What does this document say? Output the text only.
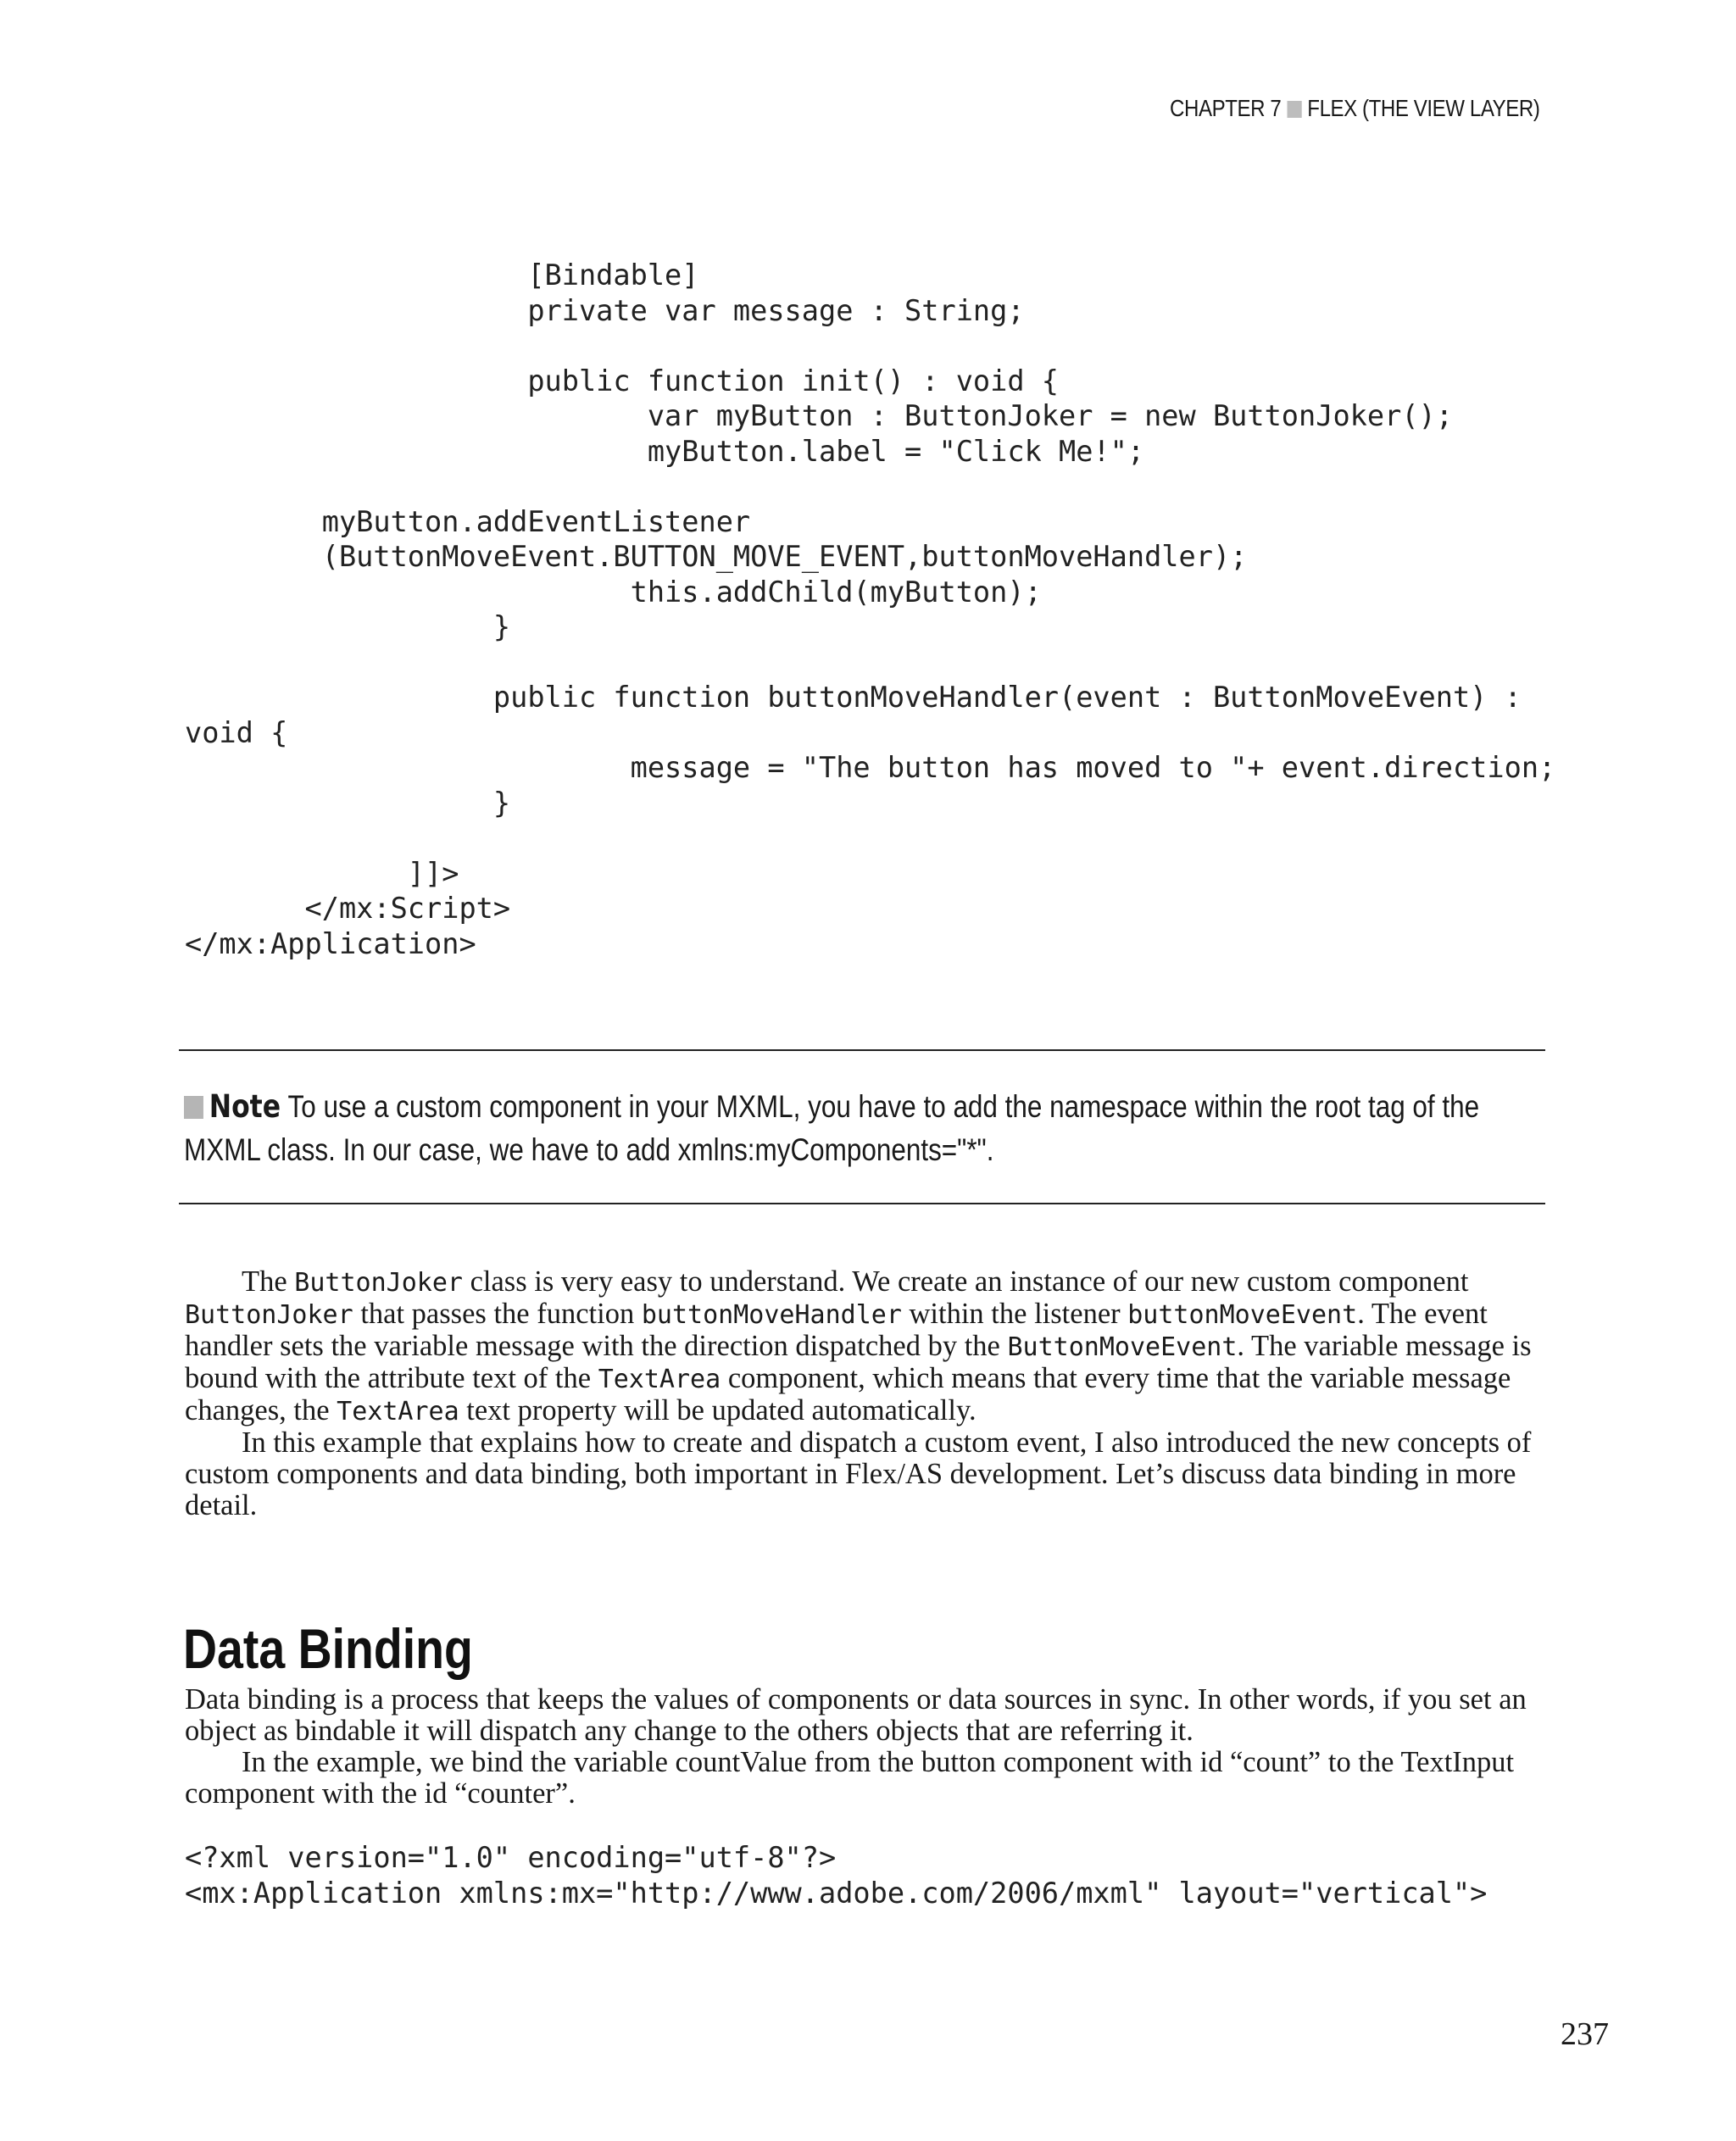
CHAPTER 7 FLEX (THE VIEW LAYER)
[Bindable]
private var message : String;

public function init() : void {
var myButton : ButtonJoker = new ButtonJoker();
myButton.label = "Click Me!";

myButton.addEventListener
(ButtonMoveEvent.BUTTON_MOVE_EVENT,buttonMoveHandler);
this.addChild(myButton);
}

public function buttonMoveHandler(event : ButtonMoveEvent) :
void {
message = "The button has moved to "+ event.direction;
}

]]>
</mx:Script>
</mx:Application>
Note To use a custom component in your MXML, you have to add the namespace within the root tag of the MXML class. In our case, we have to add xmlns:myComponents="*".

The ButtonJoker class is very easy to understand. We create an instance of our new custom component ButtonJoker that passes the function buttonMoveHandler within the listener buttonMoveEvent. The event handler sets the variable message with the direction dispatched by the ButtonMoveEvent. The variable message is bound with the attribute text of the TextArea component, which means that every time that the variable message changes, the TextArea text property will be updated automatically.

In this example that explains how to create and dispatch a custom event, I also introduced the new concepts of custom components and data binding, both important in Flex/AS development. Let’s discuss data binding in more detail.

Data Binding

Data binding is a process that keeps the values of components or data sources in sync. In other words, if you set an object as bindable it will dispatch any change to the others objects that are referring it.

In the example, we bind the variable countValue from the button component with id “count” to the TextInput component with the id “counter”.

<?xml version="1.0" encoding="utf-8"?>
<mx:Application xmlns:mx="http://www.adobe.com/2006/mxml" layout="vertical">
237
